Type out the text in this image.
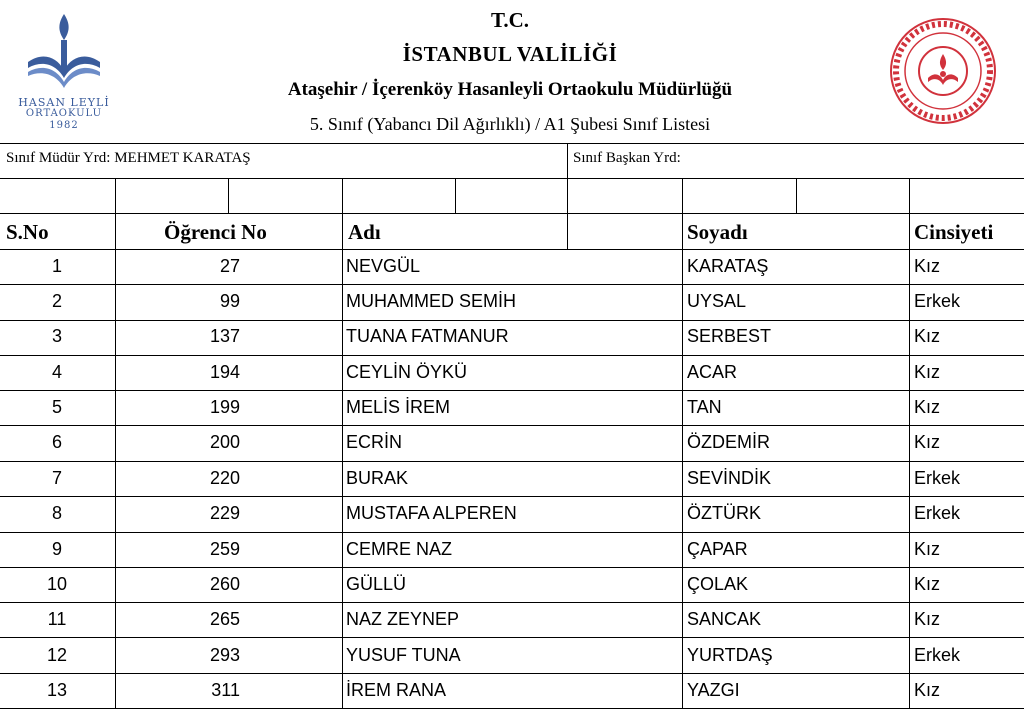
HASAN LEYLİ
ORTAOKULU
1982
T.C.
İSTANBUL VALİLİĞİ
Ataşehir / İçerenköy Hasanleyli Ortaokulu Müdürlüğü
5. Sınıf (Yabancı Dil Ağırlıklı) / A1 Şubesi Sınıf Listesi
Sınıf Müdür Yrd: MEHMET KARATAŞ	Sınıf Başkan Yrd:
S.No	Öğrenci No	Adı	Soyadı	Cinsiyeti
1	27	NEVGÜL	KARATAŞ	Kız
2	99	MUHAMMED SEMİH	UYSAL	Erkek
3	137	TUANA FATMANUR	SERBEST	Kız
4	194	CEYLİN ÖYKÜ	ACAR	Kız
5	199	MELİS İREM	TAN	Kız
6	200	ECRİN	ÖZDEMİR	Kız
7	220	BURAK	SEVİNDİK	Erkek
8	229	MUSTAFA ALPEREN	ÖZTÜRK	Erkek
9	259	CEMRE NAZ	ÇAPAR	Kız
10	260	GÜLLÜ	ÇOLAK	Kız
11	265	NAZ ZEYNEP	SANCAK	Kız
12	293	YUSUF TUNA	YURTDAŞ	Erkek
13	311	İREM RANA	YAZGI	Kız
